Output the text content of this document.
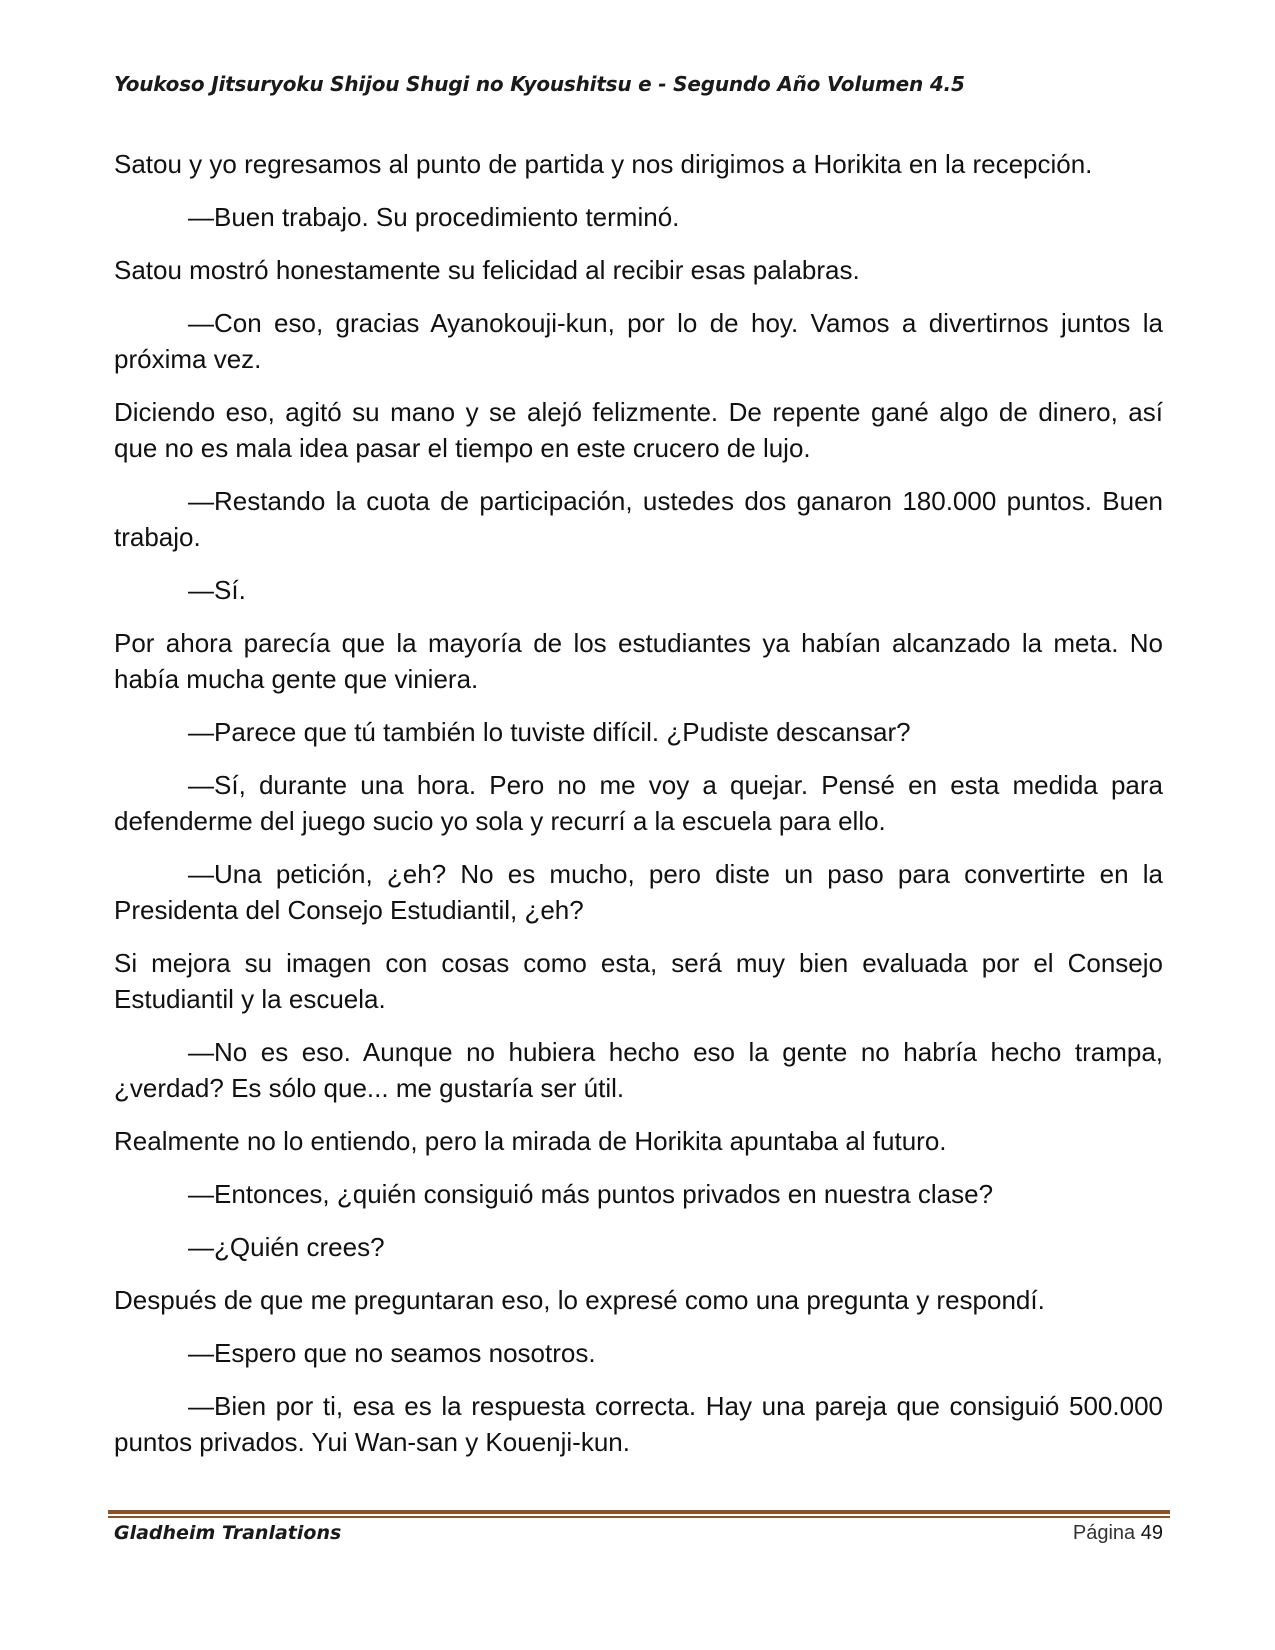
Youkoso Jitsuryoku Shijou Shugi no Kyoushitsu e - Segundo Año Volumen 4.5

Satou y yo regresamos al punto de partida y nos dirigimos a Horikita en la recepción.

—Buen trabajo. Su procedimiento terminó.

Satou mostró honestamente su felicidad al recibir esas palabras.

—Con eso, gracias Ayanokouji-kun, por lo de hoy. Vamos a divertirnos juntos la próxima vez.

Diciendo eso, agitó su mano y se alejó felizmente. De repente gané algo de dinero, así que no es mala idea pasar el tiempo en este crucero de lujo.

—Restando la cuota de participación, ustedes dos ganaron 180.000 puntos. Buen trabajo.

—Sí.

Por ahora parecía que la mayoría de los estudiantes ya habían alcanzado la meta. No había mucha gente que viniera.

—Parece que tú también lo tuviste difícil. ¿Pudiste descansar?

—Sí, durante una hora. Pero no me voy a quejar. Pensé en esta medida para defenderme del juego sucio yo sola y recurrí a la escuela para ello.

—Una petición, ¿eh? No es mucho, pero diste un paso para convertirte en la Presidenta del Consejo Estudiantil, ¿eh?

Si mejora su imagen con cosas como esta, será muy bien evaluada por el Consejo Estudiantil y la escuela.

—No es eso. Aunque no hubiera hecho eso la gente no habría hecho trampa, ¿verdad? Es sólo que... me gustaría ser útil.

Realmente no lo entiendo, pero la mirada de Horikita apuntaba al futuro.

—Entonces, ¿quién consiguió más puntos privados en nuestra clase?

—¿Quién crees?

Después de que me preguntaran eso, lo expresé como una pregunta y respondí.

—Espero que no seamos nosotros.

—Bien por ti, esa es la respuesta correcta. Hay una pareja que consiguió 500.000 puntos privados. Yui Wan-san y Kouenji-kun.

Gladheim Tranlations	Página 49
